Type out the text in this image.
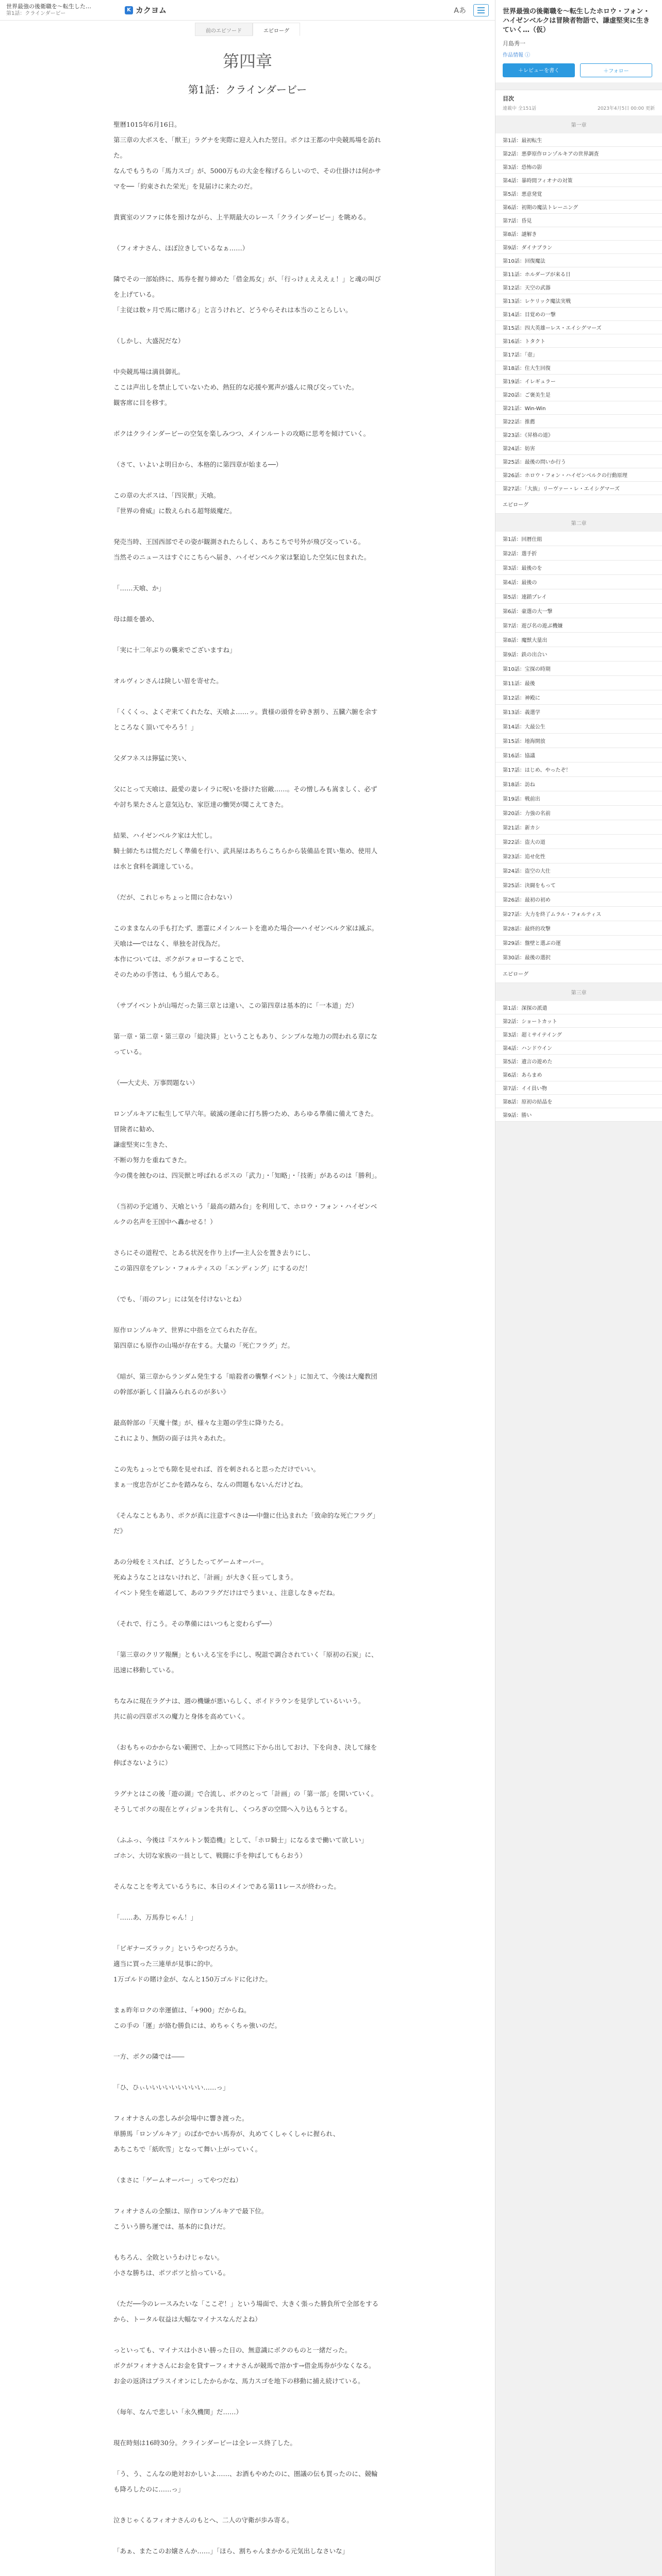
世界最強の後衛職を〜転生した…
第1話：クラインダービー
K カクヨム	Aあ
前のエピソード	エピローグ
第四章
第1話：クラインダービー

聖暦1015年6月16日。

第三章の大ボスを、「獣王」ラグナを実際に迎え入れた翌日。ボクは王都の中央競馬場を訪れた。

なんでもうちの「馬力スゴ」が、5000万もの大金を稼げるらしいので、その仕掛けは何かサマを──「約束された栄光」を見届けに来たのだ。

貴賓室のソファに体を預けながら、上半期最大のレース「クラインダービー」を眺める。

（フィオナさん、ほぼ泣きしているなぁ……）

隣でその一部始終に、馬券を握り締めた「借金馬女」が、「行っけぇえええぇ！」と魂の叫びを上げている。

「主従は数ヶ月で馬に賭ける」と言うけれど、どうやらそれは本当のことらしい。

（しかし、大盛況だな）

中央競馬場は満員御礼。

ここは声出しを禁止していないため、熱狂的な応援や罵声が盛んに飛び交っていた。

観客席に目を移す。

ボクはクラインダービーの空気を楽しみつつ、メインルートの攻略に思考を傾けていく。

（さて、いよいよ明日から、本格的に第四章が始まる──）

この章の大ボスは、「四災獣」天喰。

『世界の脅威』に数えられる超弩級魔だ。

発売当時、王国西部でその姿が観測されたらしく、あちこちで号外が飛び交っている。

当然そのニュースはすぐにこちらへ届き、ハイゼンベルク家は緊迫した空気に包まれた。

「……天喰、か」

母は顔を曇め、

「実に十二年ぶりの襲来でございますね」

オルヴィンさんは険しい眉を寄せた。

「くくくっ、よくぞ来てくれたな、天喰よ……ッ。貴様の頭骨を砕き割り、五臓六腑を余すところなく頂いてやろう！」

父ダフネスは獰猛に笑い、

父にとって天喰は、最愛の妻レイラに呪いを掛けた宿敵……。その憎しみも嵩ましく、必ずや討ち果たさんと意気込む、家臣達の慟哭が聞こえてきた。

結果、ハイゼンベルク家は大忙し。

騎士師たちは慌ただしく準備を行い、武具屋はあちらこちらから装備品を買い集め、使用人は水と食料を調達している。

（だが、これじゃちょっと間に合わない）

このままなんの手も打たず、悪霊にメインルートを進めた場合──ハイゼンベルク家は滅ぶ。

天喰は──ではなく、単独を討伐為だ。

本作については、ボクがフォローすることで、

そのための手筈は、もう組んである。

（サブイベントが山場だった第三章とは違い、この第四章は基本的に「一本道」だ）

第一章・第二章・第三章の「総決算」ということもあり、シンプルな地力の問われる章になっている。

（──大丈夫、万事問題ない）

ロンゾルキアに転生して早六年。破滅の運命に打ち勝つため、あらゆる準備に備えてきた。

冒険者に勧め、

謙虚堅実に生きた、

不断の努力を重ねてきた。

今の僕を蝕むのは、四災獣と呼ばれるボスの「武力」・「知略」・「技術」があるのは「勝利」。

（当初の予定通り、天喰という「最高の踏み台」を利用して、ホロウ・フォン・ハイゼンベルクの名声を王国中へ轟かせる！）

さらにその道程で、とある状況を作り上げ──主人公を置き去りにし、

この第四章をアレン・フォルティスの「エンディング」にするのだ！

（でも、「雨のフレ」には気を付けないとね）

原作ロンゾルキア、世界に中指を立てられた存在。

第四章にも原作の山場が存在する。大量の「死亡フラグ」だ。

《暗が、第三章からランダム発生する「暗殺者の襲撃イベント」に加えて、今後は大魔教団の幹部が新しく目論みられるのが多い》

最高幹部の「天魔十傑」が、様々な主題の学生に降りたる。

これにより、無防の面子は共々あれた。

この先ちょっとでも隙を見せれば、首を刺されると思っただけでいい。

まぁ一度忠告がどこかを踏みなら、なんの問題もないんだけどね。

《そんなこともあり、ボクが真に注意すべきは──中盤に仕込まれた「致命的な死亡フラグ」だ》

あの分岐をミスれば、どうしたってゲームオーバー。

死ぬようなことはないけれど、「計画」が大きく狂ってしまう。

イベント発生を確認して、あのフラグだけはでうまいぇ、注意しなきゃだね。

（それで、行こう。その準備にはいつもと変わらず──）

「第三章のクリア報酬」ともいえる宝を手にし、呪詛で調合されていく「原初の石炭」に、迅速に移動している。

ちなみに現在ラグナは、週の機嫌が悪いらしく、ポイドラウンを見学しているいいう。

共に前の四章ボスの魔力と身体を高めていく。

（おもちゃのかからない範囲で、上かって同然に下から出しておけ、下を向き、決して縁を伸ばさないように）

ラグナとはこの後「遊の湖」で合流し、ボクのとって「計画」の「第一部」を開いていく。

そうしてボクの現在とヴィジョンを共有し、くつろぎの空間へ入り込もうとする。

（ふふっ、今後は『スケルトン製造機』として、「ホロ騎士」になるまで働いて欲しい」

ゴホン、大切な家族の一員として、戦闘に手を伸ばしてもらおう）

そんなことを考えているうちに、本日のメインである第11レースが終わった。

「……あ、万馬券じゃん！」

「ビギナーズラック」というやつだろうか。

適当に買った三連単が見事に的中。

1万ゴルドの賭け金が、なんと150万ゴルドに化けた。

まぁ昨年ロクの幸運値は、「+900」だからね。

この手の「運」が絡む勝負には、めちゃくちゃ強いのだ。

一方、ボクの隣では――

「ひ、ひぃいいいいいいいいい……っ」

フィオナさんの悲しみが会場中に響き渡った。

単勝馬「ロンゾルキア」のばかでかい馬券が、丸めてくしゃくしゃに握られ、

あちこちで「紙吹雪」となって舞い上がっていく。

（まさに「ゲームオーバー」ってやつだね）

フィオナさんの全額は、原作ロンゾルキアで最下位。

こういう勝ち運では、基本的に負けだ。

もちろん、全敗というわけじゃない。

小さな勝ちは、ポツポツと拾っている。

（ただ──今のレースみたいな「ここぞ！」という場面で、大きく張った勝負所で全部をするから、トータル収益は大幅なマイナスなんだよね）

っといっても、マイナスは小さい勝った日の、無意識にボクのものと一緒だった。

ボクがフィオナさんにお金を貸すーフィオナさんが競馬で溶かす→借金馬券が少なくなる。

お金の返済はプラスイオンにしたからかな、馬力スゴを地下の移動に捕え続けている。

（毎年、なんで悲しい「永久機関」だ……）

現在時刻は16時30分。クラインダービーは全レース終了した。

「う、う、こんなの絶対おかしいよ……、お酒もやめたのに、圏議の伝も買ったのに、競輪も降ろしたのに……っ」

泣きじゃくるフィオナさんのもとへ、二人の守衛が歩み寄る。

「あぁ、またこのお嬢さんか……」「ほら、割ちゃんまかかる元気出しなさいな」

世界最強の後衛職を〜転生したホロウ・フォン・ハイゼンベルクは冒険者物語で、謙虚堅実に生きていく…（仮）
月島秀一
作品情報 ⓘ
＋レビューを書く	＋フォロー
目次
連載中 全151話	2023年4月5日 00:00 更新
第一章
第1話：最初転生
第2話：悪夢原作ロンゾルキアの世界調査
第3話：恐怖の影
第4話：暴時間フィオナの対策
第5話：悪意発覚
第6話：初期の魔法トレーニング
第7話：昏見
第8話：謎解き
第9話：ダイナブラン
第10話：回復魔法
第11話：ホルダーブが来る日
第12話：天空の武器
第13話：レケリック魔法実戦
第14話：目覚めの一撃
第15話：四大英雄ーレス・エイシグマーズ
第16話：トタクト
第17話：「壺」
第18話：住大生回復
第19話：イレギュラー
第20話：ご褒美生是
第21話：Win-Win
第22話：推薦
第23話：《昇格の道》
第24話：妨害
第25話：最後の問いか行う
第26話：ホロウ・フォン・ハイゼンベルクの行動原理
第27話：「大族」リーヴァー・レ・エイシグマーズ
エピローグ
第二章
第1話：回暦仕組
第2話：選手折
第3話：最後のを
第4話：最後の
第5話：連鎖プレイ
第6話：豪選の大一撃
第7話：遊び名の遊ぶ機嫌
第8話：魔獣大量出
第9話：鉄の出合い
第10話：宝探の時期
第11話：最後
第12話：神殿に
第13話：義選学
第14話：大最公生
第15話：地海開放
第16話：協議
第17話：はじめ、やったぞ！
第18話：訪ね
第19話：戦前出
第20話：力強の名前
第21話：新カシ
第22話：盗大の道
第23話：追せ化性
第24話：盗空の大仕
第25話：決闘をもって
第26話：最初の初め
第27話：大力を終了ムラル・フォルティス
第28話：最終的攻撃
第29話：盤壁と選ぶの運
第30話：最後の選択
エピローグ
第三章
第1話：深探の派遣
第2話：ショートカット
第3話：超ミサイテイング
第4話：ハンドウイン
第5話：遺言の遊めた
第6話：あらまめ
第7話：イイ員い物
第8話：原初の結晶を
第9話：勝い
